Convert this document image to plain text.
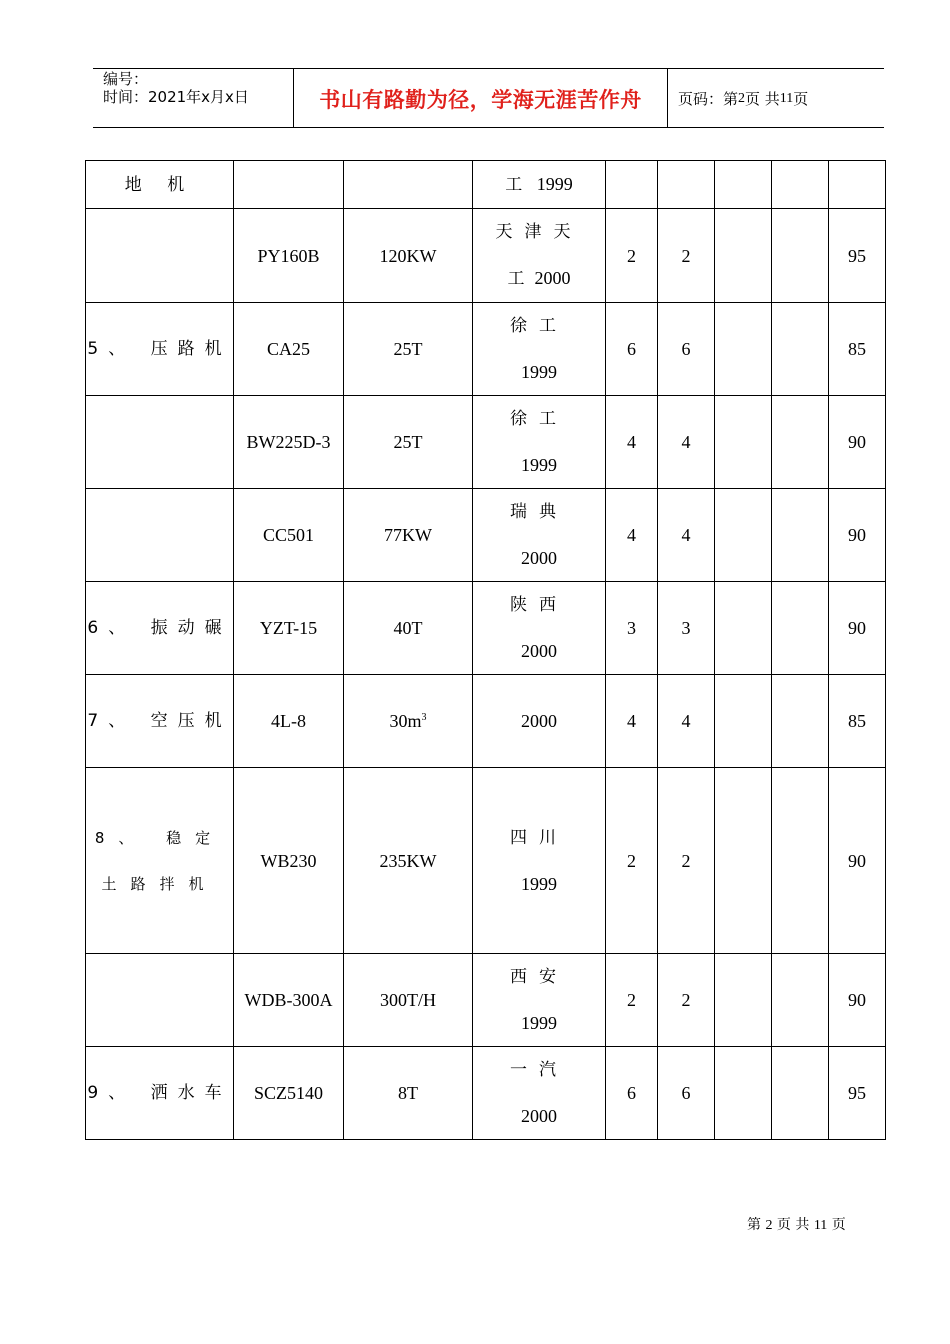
编号：
时间：2021年x月x日	书山有路勤为径，学海无涯苦作舟	页码：第 2 页 共 11 页
地 机			工 1999					
	PY160B	120KW	天津天
工2000	2	2			95
5、 压路机	CA25	25T	徐工
1999	6	6			85
	BW225D-3	25T	徐工
1999	4	4			90
	CC501	77KW	瑞典
2000	4	4			90
6、 振动碾	YZT-15	40T	陕西
2000	3	3			90
7、 空压机	4L-8	$30m^3$	2000	4	4			85
8、 稳定土路拌机	WB230	235KW	四川
1999	2	2			90
	WDB-300A	300T/H	西安
1999	2	2			90
9、 洒水车	SCZ5140	8T	一汽
2000	6	6			95
第 2 页 共 11 页
